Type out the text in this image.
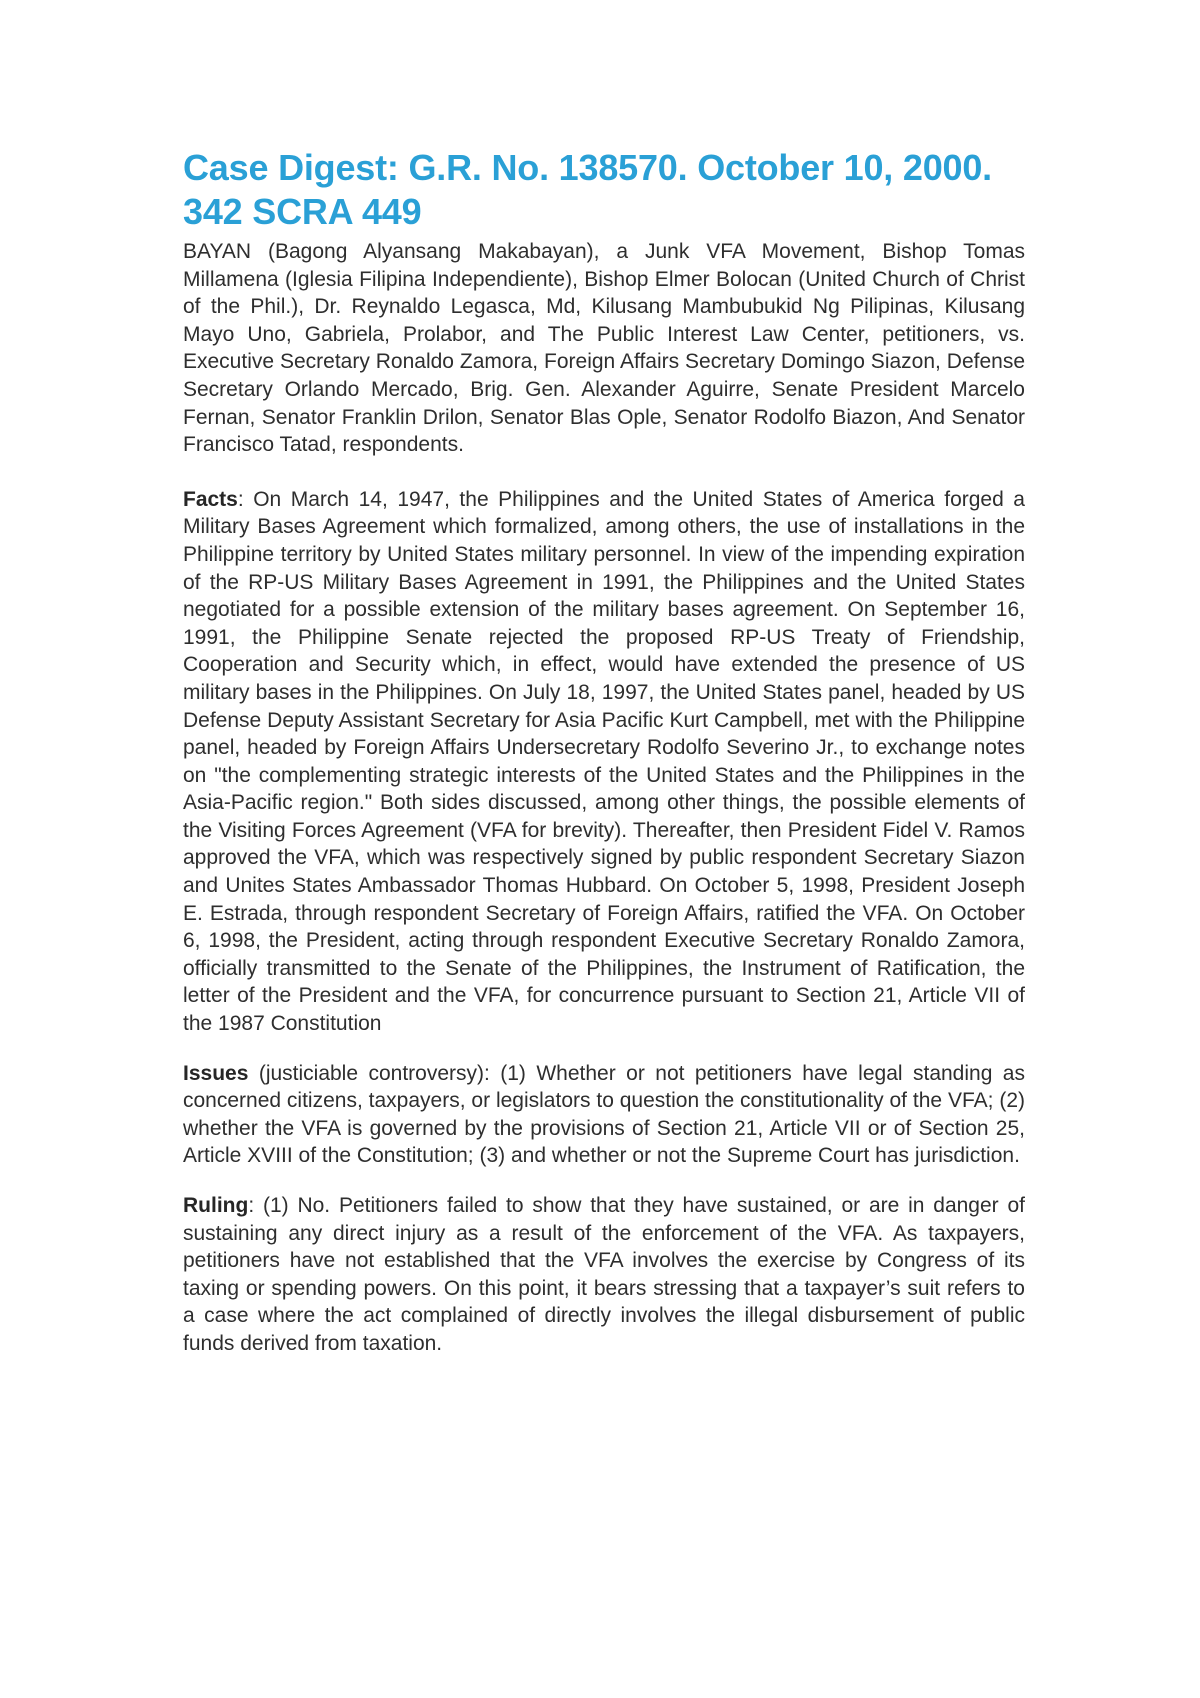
Case Digest: G.R. No. 138570. October 10, 2000. 342 SCRA 449

BAYAN (Bagong Alyansang Makabayan), a Junk VFA Movement, Bishop Tomas Millamena (Iglesia Filipina Independiente), Bishop Elmer Bolocan (United Church of Christ of the Phil.), Dr. Reynaldo Legasca, Md, Kilusang Mambubukid Ng Pilipinas, Kilusang Mayo Uno, Gabriela, Prolabor, and The Public Interest Law Center, petitioners, vs. Executive Secretary Ronaldo Zamora, Foreign Affairs Secretary Domingo Siazon, Defense Secretary Orlando Mercado, Brig. Gen. Alexander Aguirre, Senate President Marcelo Fernan, Senator Franklin Drilon, Senator Blas Ople, Senator Rodolfo Biazon, And Senator Francisco Tatad, respondents.

Facts: On March 14, 1947, the Philippines and the United States of America forged a Military Bases Agreement which formalized, among others, the use of installations in the Philippine territory by United States military personnel. In view of the impending expiration of the RP-US Military Bases Agreement in 1991, the Philippines and the United States negotiated for a possible extension of the military bases agreement. On September 16, 1991, the Philippine Senate rejected the proposed RP-US Treaty of Friendship, Cooperation and Security which, in effect, would have extended the presence of US military bases in the Philippines. On July 18, 1997, the United States panel, headed by US Defense Deputy Assistant Secretary for Asia Pacific Kurt Campbell, met with the Philippine panel, headed by Foreign Affairs Undersecretary Rodolfo Severino Jr., to exchange notes on "the complementing strategic interests of the United States and the Philippines in the Asia-Pacific region." Both sides discussed, among other things, the possible elements of the Visiting Forces Agreement (VFA for brevity). Thereafter, then President Fidel V. Ramos approved the VFA, which was respectively signed by public respondent Secretary Siazon and Unites States Ambassador Thomas Hubbard. On October 5, 1998, President Joseph E. Estrada, through respondent Secretary of Foreign Affairs, ratified the VFA. On October 6, 1998, the President, acting through respondent Executive Secretary Ronaldo Zamora, officially transmitted to the Senate of the Philippines, the Instrument of Ratification, the letter of the President and the VFA, for concurrence pursuant to Section 21, Article VII of the 1987 Constitution

Issues (justiciable controversy): (1) Whether or not petitioners have legal standing as concerned citizens, taxpayers, or legislators to question the constitutionality of the VFA; (2) whether the VFA is governed by the provisions of Section 21, Article VII or of Section 25, Article XVIII of the Constitution; (3) and whether or not the Supreme Court has jurisdiction.

Ruling: (1) No. Petitioners failed to show that they have sustained, or are in danger of sustaining any direct injury as a result of the enforcement of the VFA. As taxpayers, petitioners have not established that the VFA involves the exercise by Congress of its taxing or spending powers. On this point, it bears stressing that a taxpayer’s suit refers to a case where the act complained of directly involves the illegal disbursement of public funds derived from taxation.
